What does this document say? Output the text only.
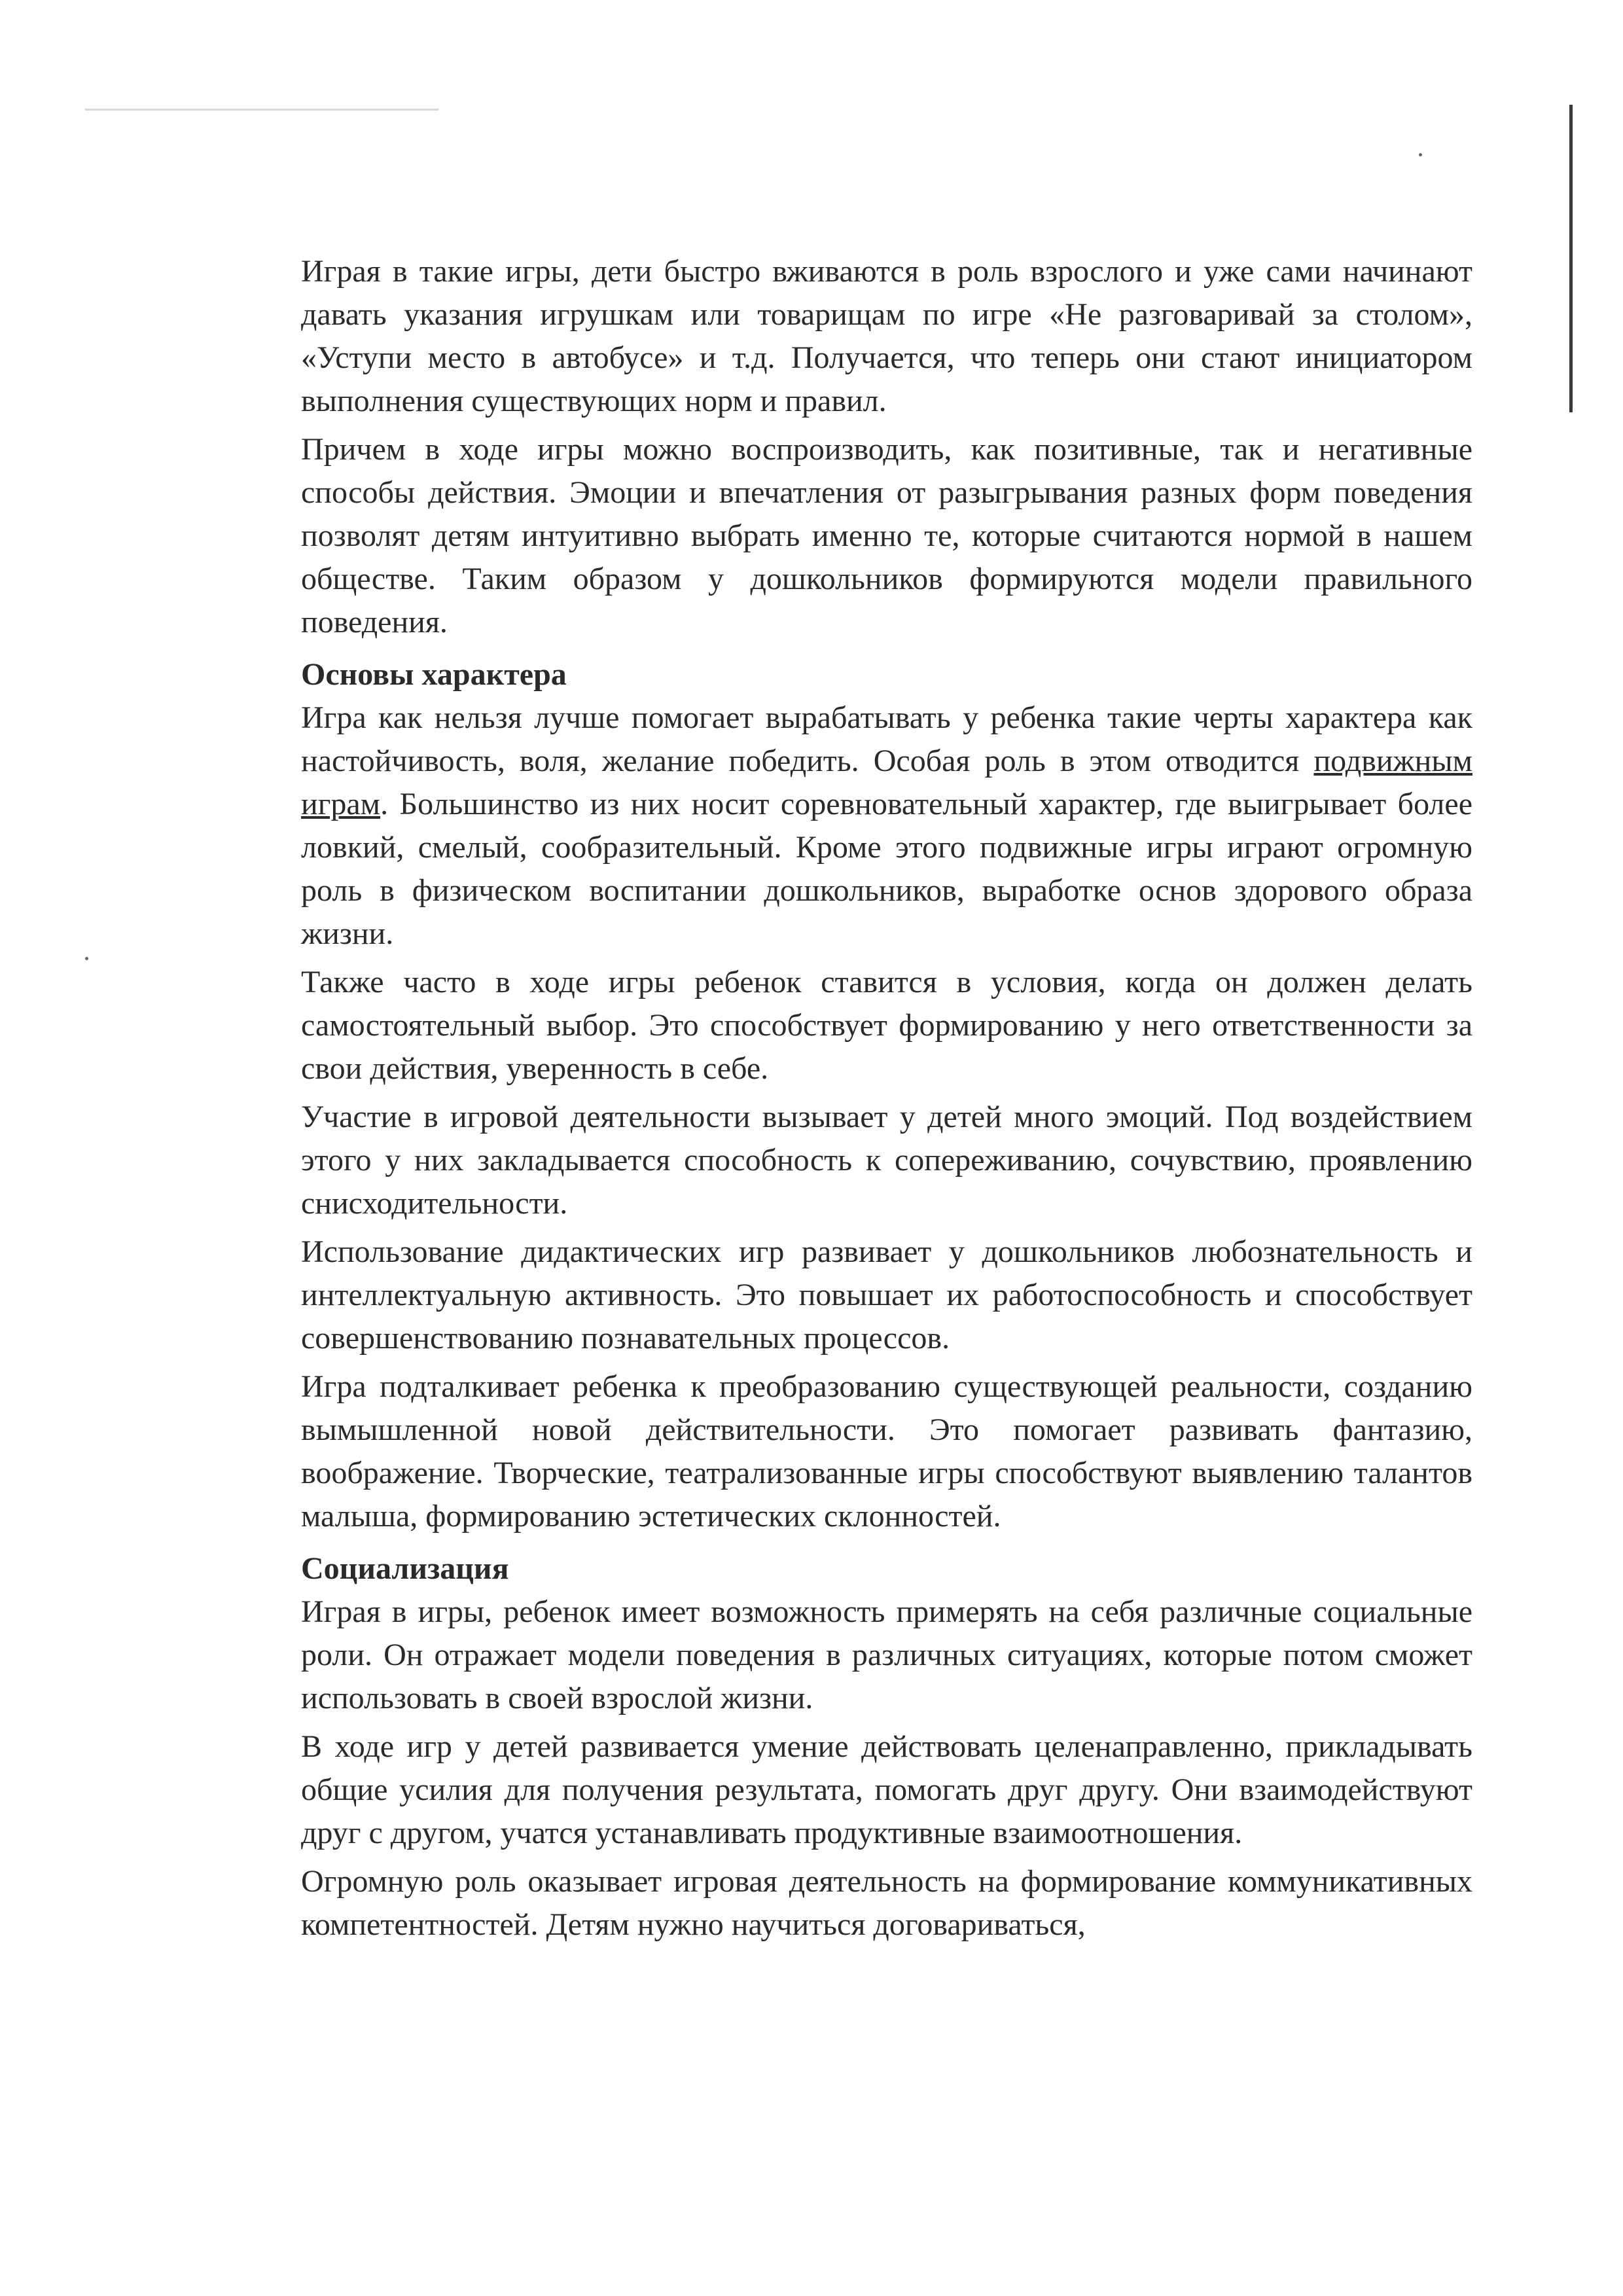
Играя в такие игры, дети быстро вживаются в роль взрослого и уже сами начинают давать указания игрушкам или товарищам по игре «Не разговаривай за столом», «Уступи место в автобусе» и т.д. Получается, что теперь они стают инициатором выполнения существующих норм и правил.

Причем в ходе игры можно воспроизводить, как позитивные, так и негативные способы действия. Эмоции и впечатления от разыгрывания разных форм поведения позволят детям интуитивно выбрать именно те, которые считаются нормой в нашем обществе. Таким образом у дошкольников формируются модели правильного поведения.

Основы характера

Игра как нельзя лучше помогает вырабатывать у ребенка такие черты характера как настойчивость, воля, желание победить. Особая роль в этом отводится подвижным играм. Большинство из них носит соревновательный характер, где выигрывает более ловкий, смелый, сообразительный. Кроме этого подвижные игры играют огромную роль в физическом воспитании дошкольников, выработке основ здорового образа жизни.

Также часто в ходе игры ребенок ставится в условия, когда он должен делать самостоятельный выбор. Это способствует формированию у него ответственности за свои действия, уверенность в себе.

Участие в игровой деятельности вызывает у детей много эмоций. Под воздействием этого у них закладывается способность к сопереживанию, сочувствию, проявлению снисходительности.

Использование дидактических игр развивает у дошкольников любознательность и интеллектуальную активность. Это повышает их работоспособность и способствует совершенствованию познавательных процессов.

Игра подталкивает ребенка к преобразованию существующей реальности, созданию вымышленной новой действительности. Это помогает развивать фантазию, воображение. Творческие, театрализованные игры способствуют выявлению талантов малыша, формированию эстетических склонностей.

Социализация

Играя в игры, ребенок имеет возможность примерять на себя различные социальные роли. Он отражает модели поведения в различных ситуациях, которые потом сможет использовать в своей взрослой жизни.

В ходе игр у детей развивается умение действовать целенаправленно, прикладывать общие усилия для получения результата, помогать друг другу. Они взаимодействуют друг с другом, учатся устанавливать продуктивные взаимоотношения.

Огромную роль оказывает игровая деятельность на формирование коммуникативных компетентностей. Детям нужно научиться договариваться,
